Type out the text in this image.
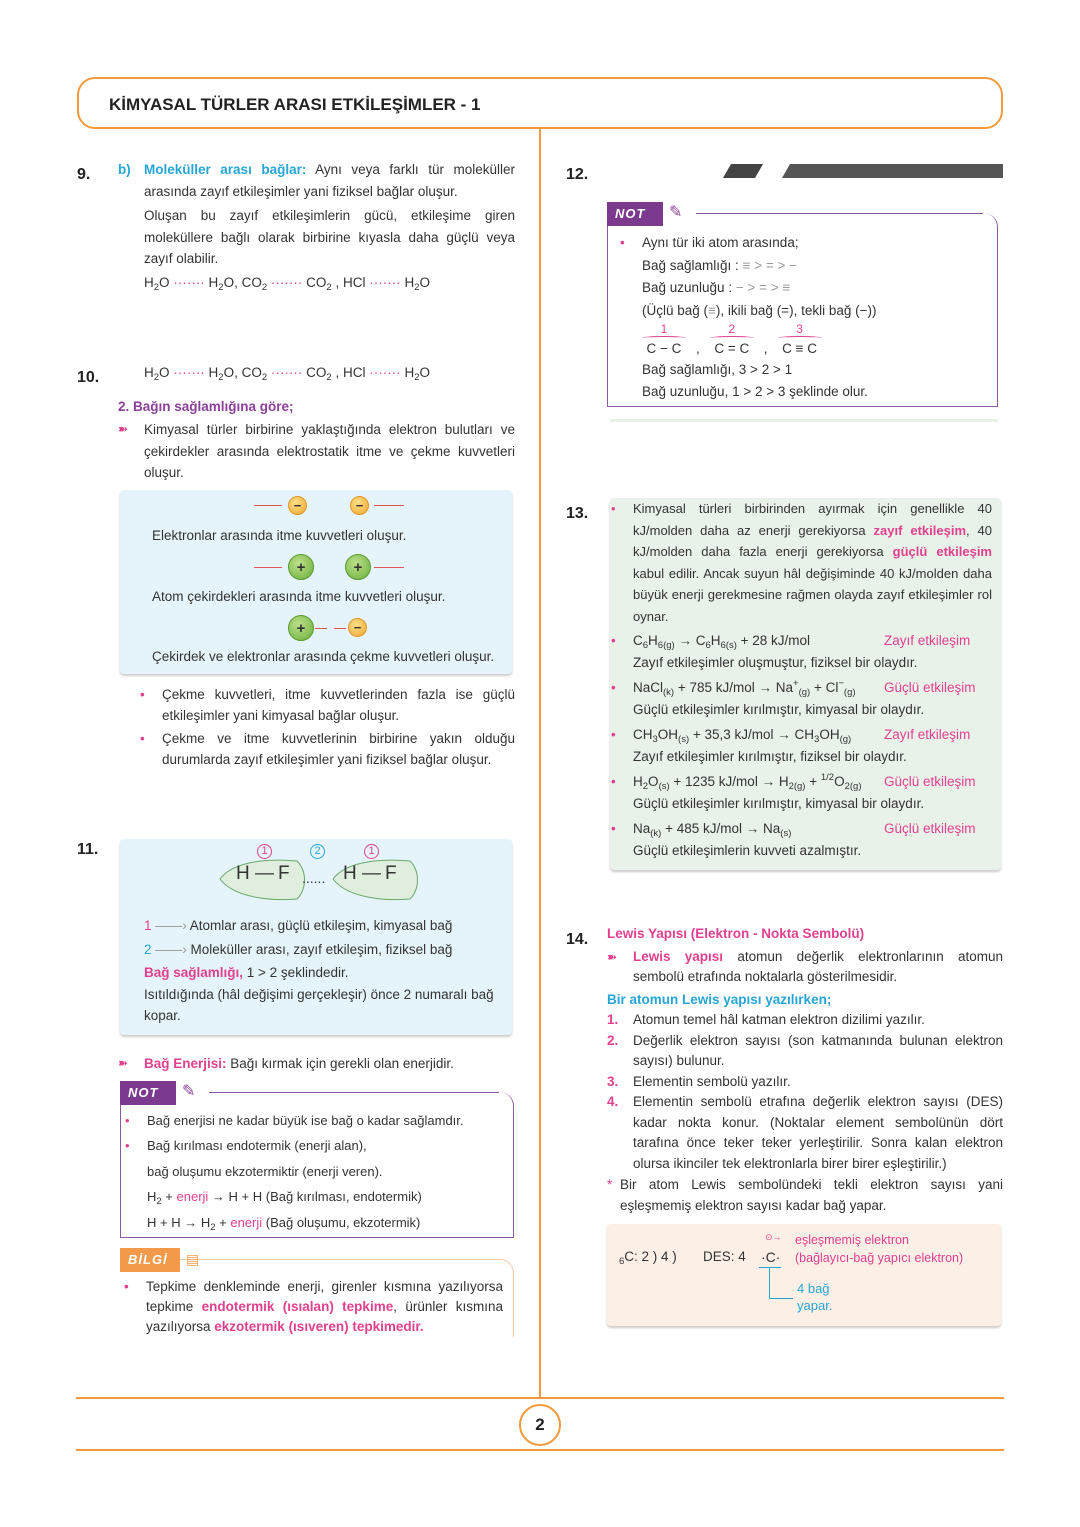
KİMYASAL TÜRLER ARASI ETKİLEŞİMLER - 1
2
9. b) Moleküller arası bağlar: Aynı veya farklı tür moleküller arasında zayıf etkileşimler yani fiziksel bağlar oluşur.
Oluşan bu zayıf etkileşimlerin gücü, etkileşime giren moleküllere bağlı olarak birbirine kıyasla daha güçlü veya zayıf olabilir.
$H_2O$ ······· $H_2O$, $CO_2$ ······· $CO_2$ , HCl ······· $H_2O$
10.	$H_2O$ ······· $H_2O$, $CO_2$ ······· $CO_2$ , HCl ······· $H_2O$
2. Bağın sağlamlığına göre;
➽ Kimyasal türler birbirine yaklaştığında elektron bulutları ve çekirdekler arasında elektrostatik itme ve çekme kuvvetleri oluşur.
−	−
Elektronlar arasında itme kuvvetleri oluşur.
+	+
Atom çekirdekleri arasında itme kuvvetleri oluşur.
+	−
Çekirdek ve elektronlar arasında çekme kuvvetleri oluşur.
• Çekme kuvvetleri, itme kuvvetlerinden fazla ise güçlü etkileşimler yani kimyasal bağlar oluşur.
• Çekme ve itme kuvvetlerinin birbirine yakın olduğu durumlarda zayıf etkileşimler yani fiziksel bağlar oluşur.
11.
H —
1
F ......
2
H —
1
F
1 ——› Atomlar arası, güçlü etkileşim, kimyasal bağ
2 ——› Moleküller arası, zayıf etkileşim, fiziksel bağ
Bağ sağlamlığı, 1 > 2 şeklindedir.
Isıtıldığında (hâl değişimi gerçekleşir) önce 2 numaralı bağ kopar.
➽ Bağ Enerjisi: Bağı kırmak için gerekli olan enerjidir.
NOT	✎
• Bağ enerjisi ne kadar büyük ise bağ o kadar sağlamdır.
• Bağ kırılması endotermik (enerji alan),
bağ oluşumu ekzotermiktir (enerji veren).
$H_2$ + enerji → H + H (Bağ kırılması, endotermik)
$H + H \to H_2$ + enerji (Bağ oluşumu, ekzotermik)
BİLGİ	▤
• Tepkime denkleminde enerji, girenler kısmına yazılıyorsa tepkime endotermik (ısıalan) tepkime, ürünler kısmına yazılıyorsa ekzotermik (ısıveren) tepkimedir.
12.
NOT	✎
• Aynı tür iki atom arasında;
Bağ sağlamlığı : ≡ > = > −
Bağ uzunluğu : − > = > ≡
(Üçlü bağ (≡), ikili bağ (=), tekli bağ (−))
1
C − C	,
2
C = C	,
3
C ≡ C
Bağ sağlamlığı, 3 > 2 > 1
Bağ uzunluğu, 1 > 2 > 3 şeklinde olur.
13.	• Kimyasal türleri birbirinden ayırmak için genellikle 40 kJ/molden daha az enerji gerekiyorsa zayıf etkileşim, 40 kJ/molden daha fazla enerji gerekiyorsa güçlü etkileşim kabul edilir. Ancak suyun hâl değişiminde 40 kJ/molden daha büyük enerji gerekmesine rağmen olayda zayıf etkileşimler rol oynar.
• $C_6H_{6(g)} \to C_6H_{6(s)} + 28$ kJ/mol	Zayıf etkileşim
Zayıf etkileşimler oluşmuştur, fiziksel bir olaydır.
• NaCl$_{(k)}$ + 785 $kJ/mol \to Na^+_{(g)} + Cl^-_{(g)}$	Güçlü etkileşim
Güçlü etkileşimler kırılmıştır, kimyasal bir olaydır.
• $CH_3OH_{(s)} + 35,3$ $kJ/mol \to CH_3OH_{(g)}$	Zayıf etkileşim
Zayıf etkileşimler kırılmıştır, fiziksel bir olaydır.
• $H_2O_{(s)} + 1235$ $kJ/mol \to H_{2(g)} + ^{1/2}O_{2(g)}$	Güçlü etkileşim
Güçlü etkileşimler kırılmıştır, kimyasal bir olaydır.
• $Na_{(k)} + 485$ $kJ/mol \to Na_{(s)}$	Güçlü etkileşim
Güçlü etkileşimlerin kuvveti azalmıştır.
14. Lewis Yapısı (Elektron - Nokta Sembolü)
➽ Lewis yapısı atomun değerlik elektronlarının atomun sembolü etrafında noktalarla gösterilmesidir.
Bir atomun Lewis yapısı yazılırken;
1. Atomun temel hâl katman elektron dizilimi yazılır.
2. Değerlik elektron sayısı (son katmanında bulunan elektron sayısı) bulunur.
3. Elementin sembolü yazılır.
4. Elementin sembolü etrafına değerlik elektron sayısı (DES) kadar nokta konur. (Noktalar element sembolünün dört tarafına önce teker teker yerleştirilir. Sonra kalan elektron olursa ikinciler tek elektronlarla birer birer eşleştirilir.)
* Bir atom Lewis sembolündeki tekli elektron sayısı yani eşleşmemiş elektron sayısı kadar bağ yapar.
$_6$C: 2 ) 4 ) DES: 4
⊙→
·C·
eşleşmemiş elektron
(bağlayıcı-bağ yapıcı elektron)
4 bağ
yapar.
